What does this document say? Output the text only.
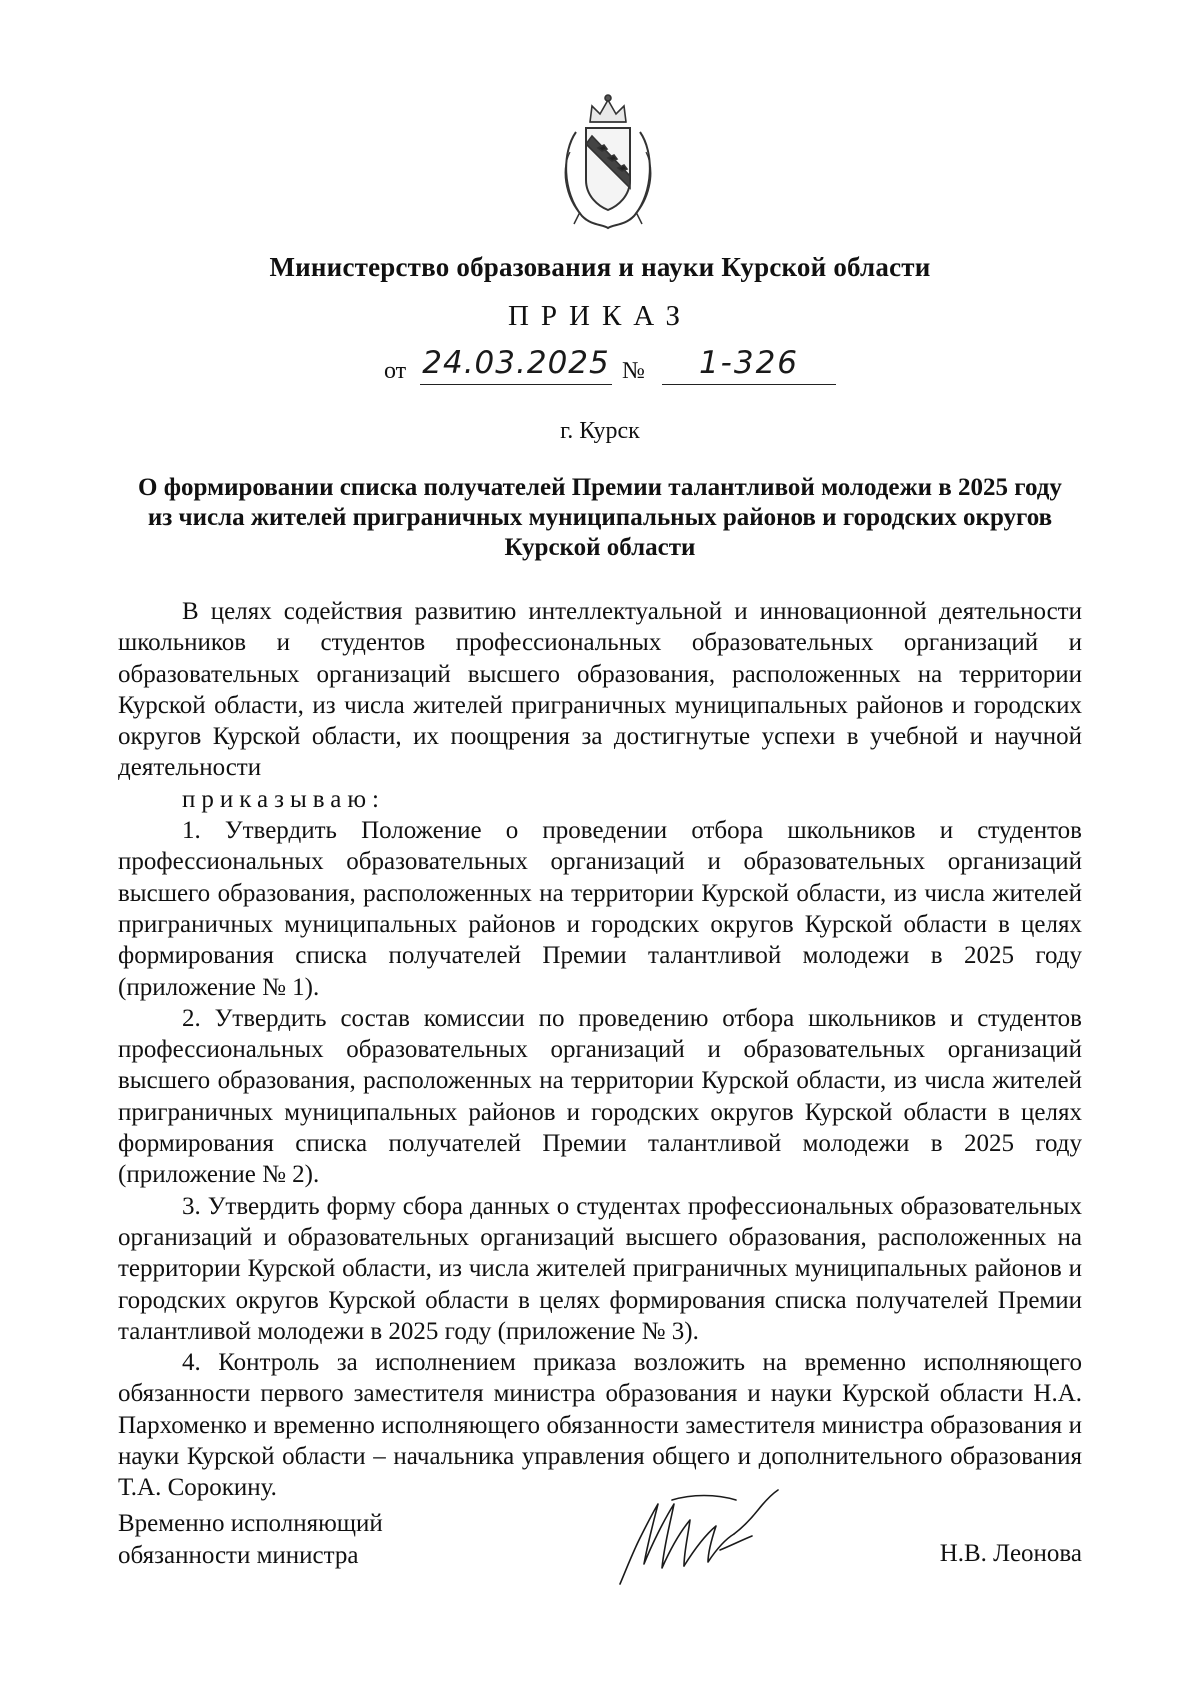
Министерство образования и науки Курской области
ПРИКАЗ
от 24.03.2025 №	1-326
г. Курск
О формировании списка получателей Премии талантливой молодежи в 2025 году
из числа жителей приграничных муниципальных районов и городских округов
Курской области

В целях содействия развитию интеллектуальной и инновационной деятельности школьников и студентов профессиональных образовательных организаций и образовательных организаций высшего образования, расположенных на территории Курской области, из числа жителей приграничных муниципальных районов и городских округов Курской области, их поощрения за достигнутые успехи в учебной и научной деятельности

приказываю:

1. Утвердить Положение о проведении отбора школьников и студентов профессиональных образовательных организаций и образовательных организаций высшего образования, расположенных на территории Курской области, из числа жителей приграничных муниципальных районов и городских округов Курской области в целях формирования списка получателей Премии талантливой молодежи в 2025 году (приложение № 1).

2. Утвердить состав комиссии по проведению отбора школьников и студентов профессиональных образовательных организаций и образовательных организаций высшего образования, расположенных на территории Курской области, из числа жителей приграничных муниципальных районов и городских округов Курской области в целях формирования списка получателей Премии талантливой молодежи в 2025 году (приложение № 2).

3. Утвердить форму сбора данных о студентах профессиональных образовательных организаций и образовательных организаций высшего образования, расположенных на территории Курской области, из числа жителей приграничных муниципальных районов и городских округов Курской области в целях формирования списка получателей Премии талантливой молодежи в 2025 году (приложение № 3).

4. Контроль за исполнением приказа возложить на временно исполняющего обязанности первого заместителя министра образования и науки Курской области Н.А. Пархоменко и временно исполняющего обязанности заместителя министра образования и науки Курской области – начальника управления общего и дополнительного образования Т.А. Сорокину.

Временно исполняющий
обязанности министра	Н.В. Леонова
